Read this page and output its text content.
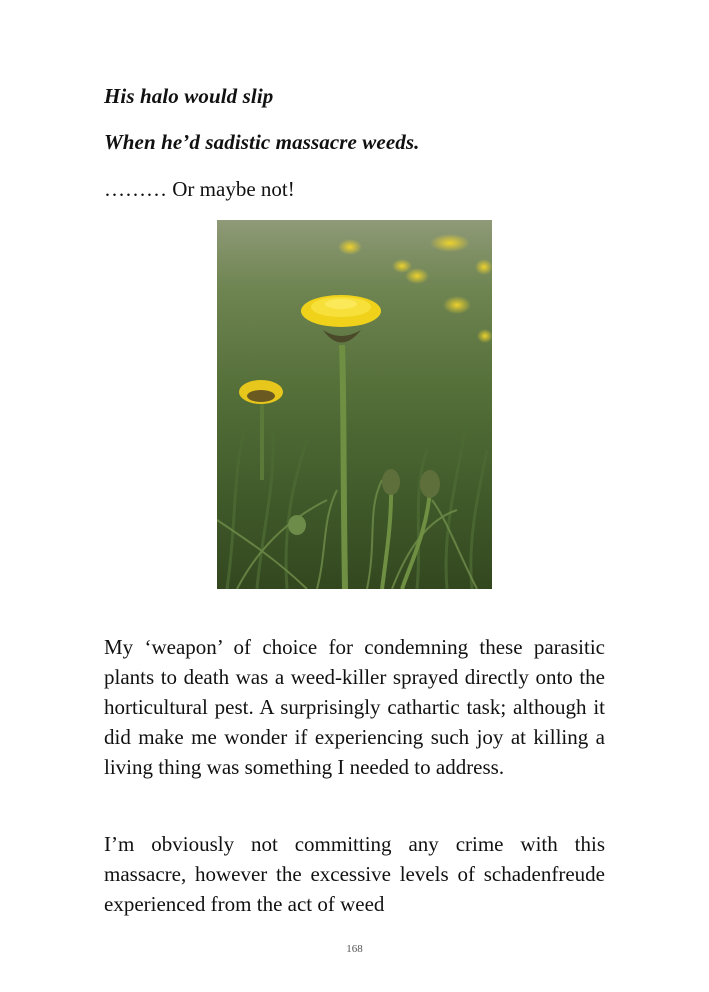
His halo would slip
When he’d sadistic massacre weeds.
……… Or maybe not!

My ‘weapon’ of choice for condemning these parasitic plants to death was a weed-killer sprayed directly onto the horticultural pest. A surprisingly cathartic task; although it did make me wonder if experiencing such joy at killing a living thing was something I needed to address.

I’m obviously not committing any crime with this massacre, however the excessive levels of schadenfreude experienced from the act of weed

168
